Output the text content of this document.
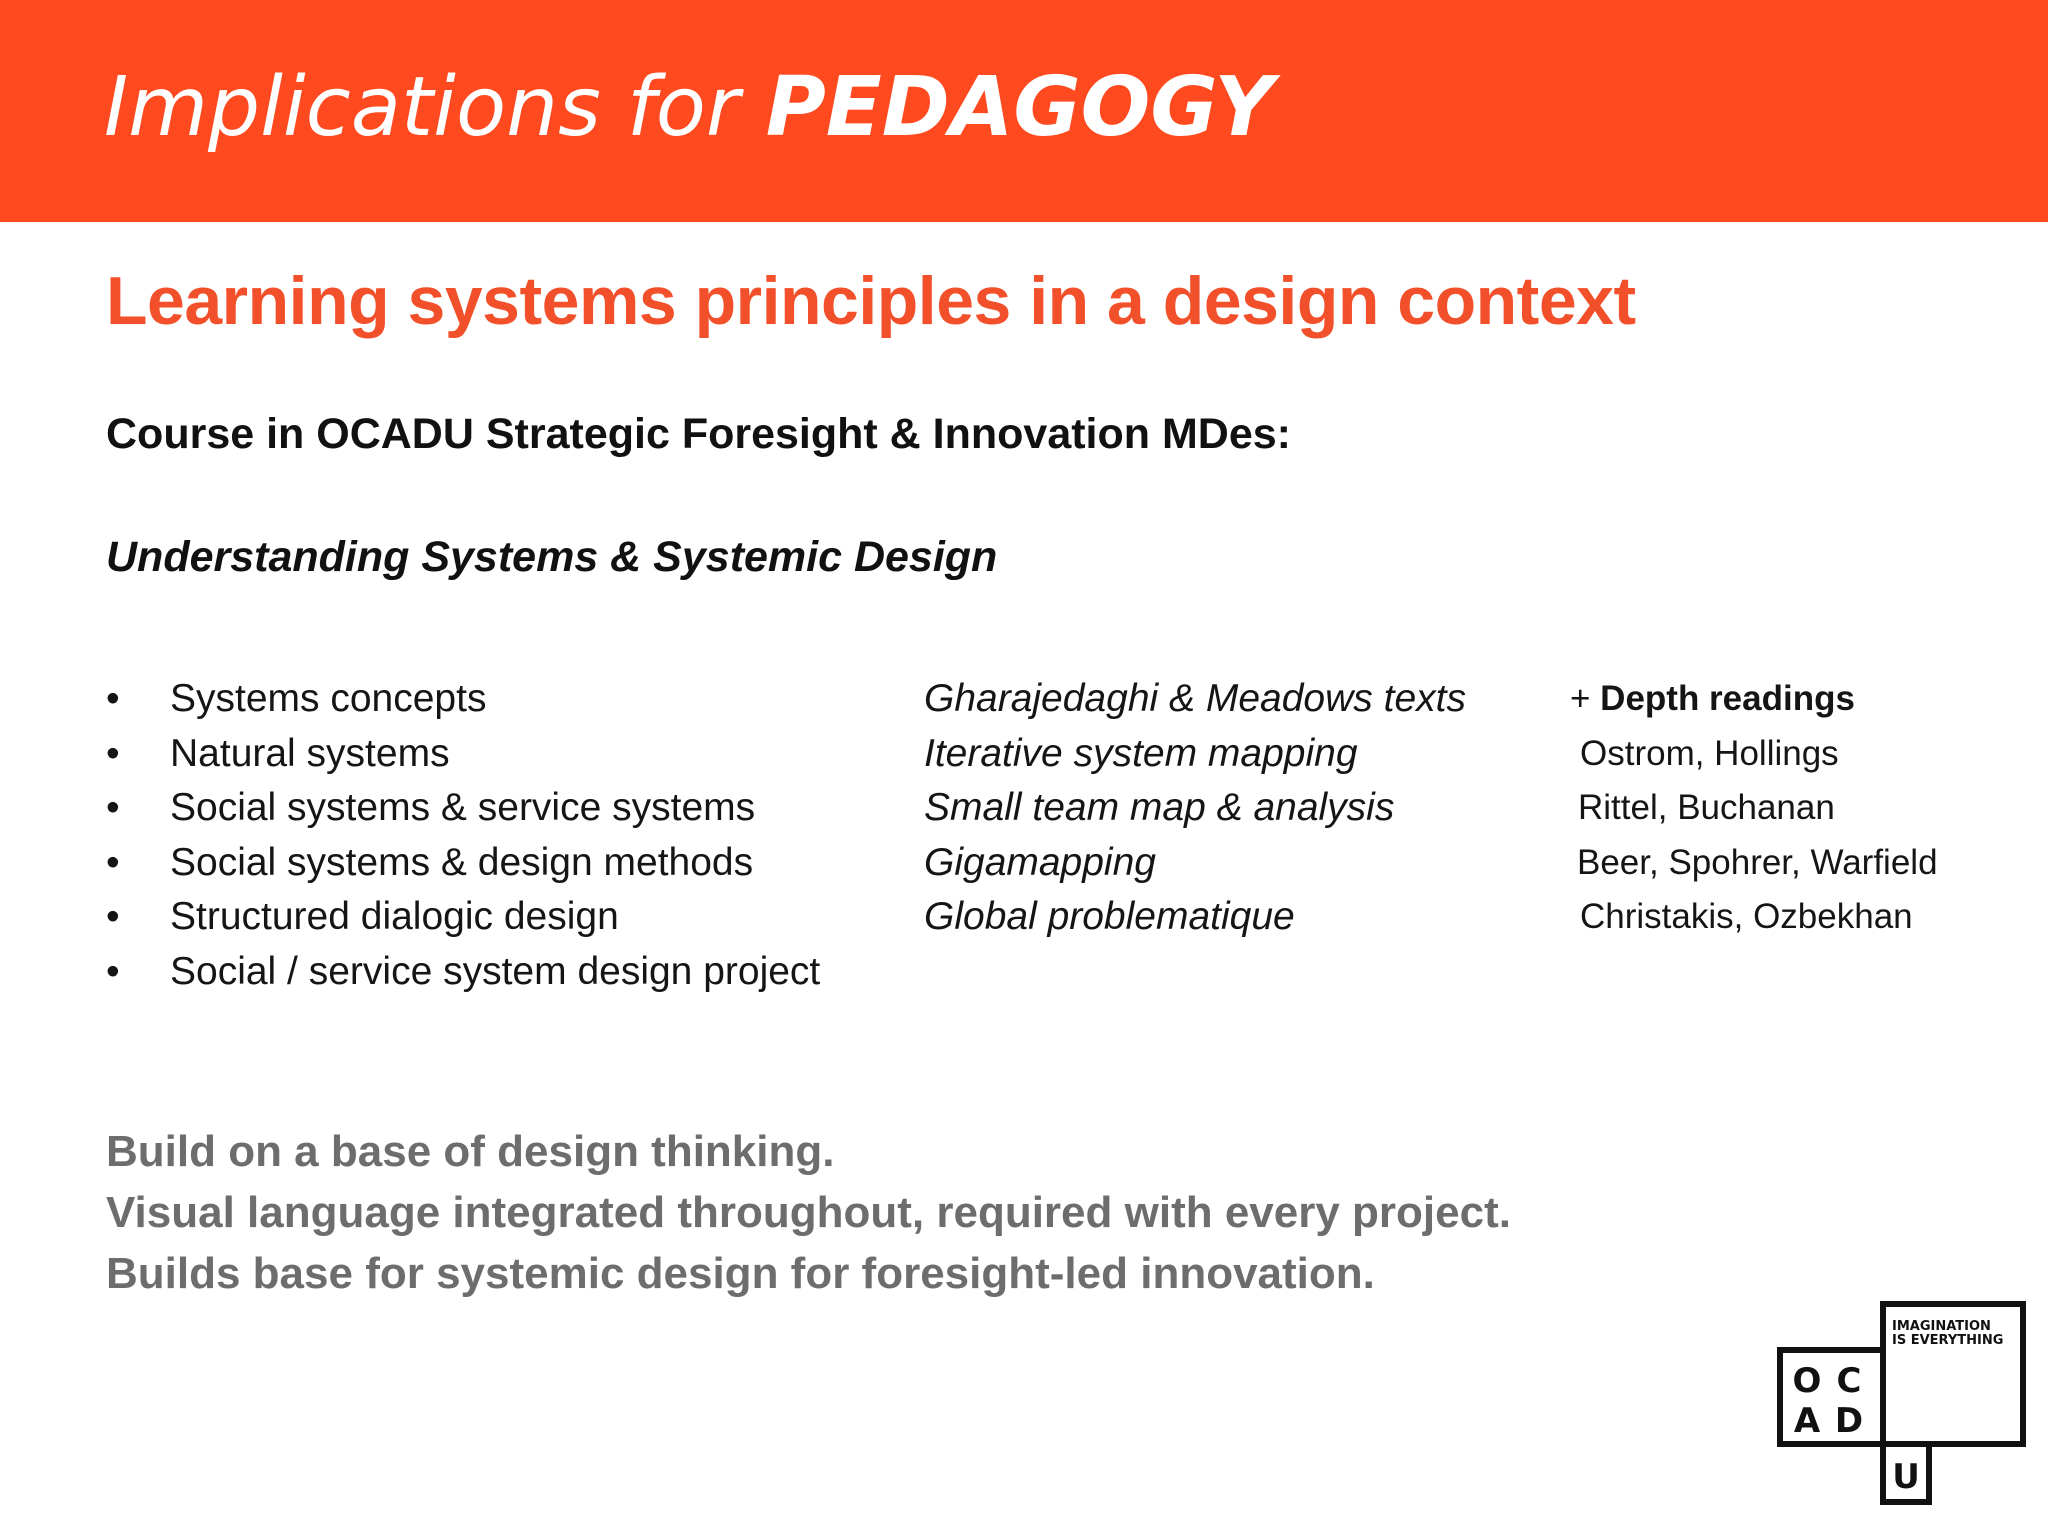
Implications for PEDAGOGY
Learning systems principles in a design context
Course in OCADU Strategic Foresight & Innovation MDes:
Understanding Systems & Systemic Design
• Systems concepts
• Natural systems
• Social systems & service systems
• Social systems & design methods
• Structured dialogic design
• Social / service system design project
Gharajedaghi & Meadows texts
Iterative system mapping
Small team map & analysis
Gigamapping
Global problematique
+ Depth readings
Ostrom, Hollings
Rittel, Buchanan
Beer, Spohrer, Warfield
Christakis, Ozbekhan
Build on a base of design thinking.
Visual language integrated throughout, required with every project.
Builds base for systemic design for foresight-led innovation.
IMAGINATION
IS EVERYTHING
O C
A D
U
